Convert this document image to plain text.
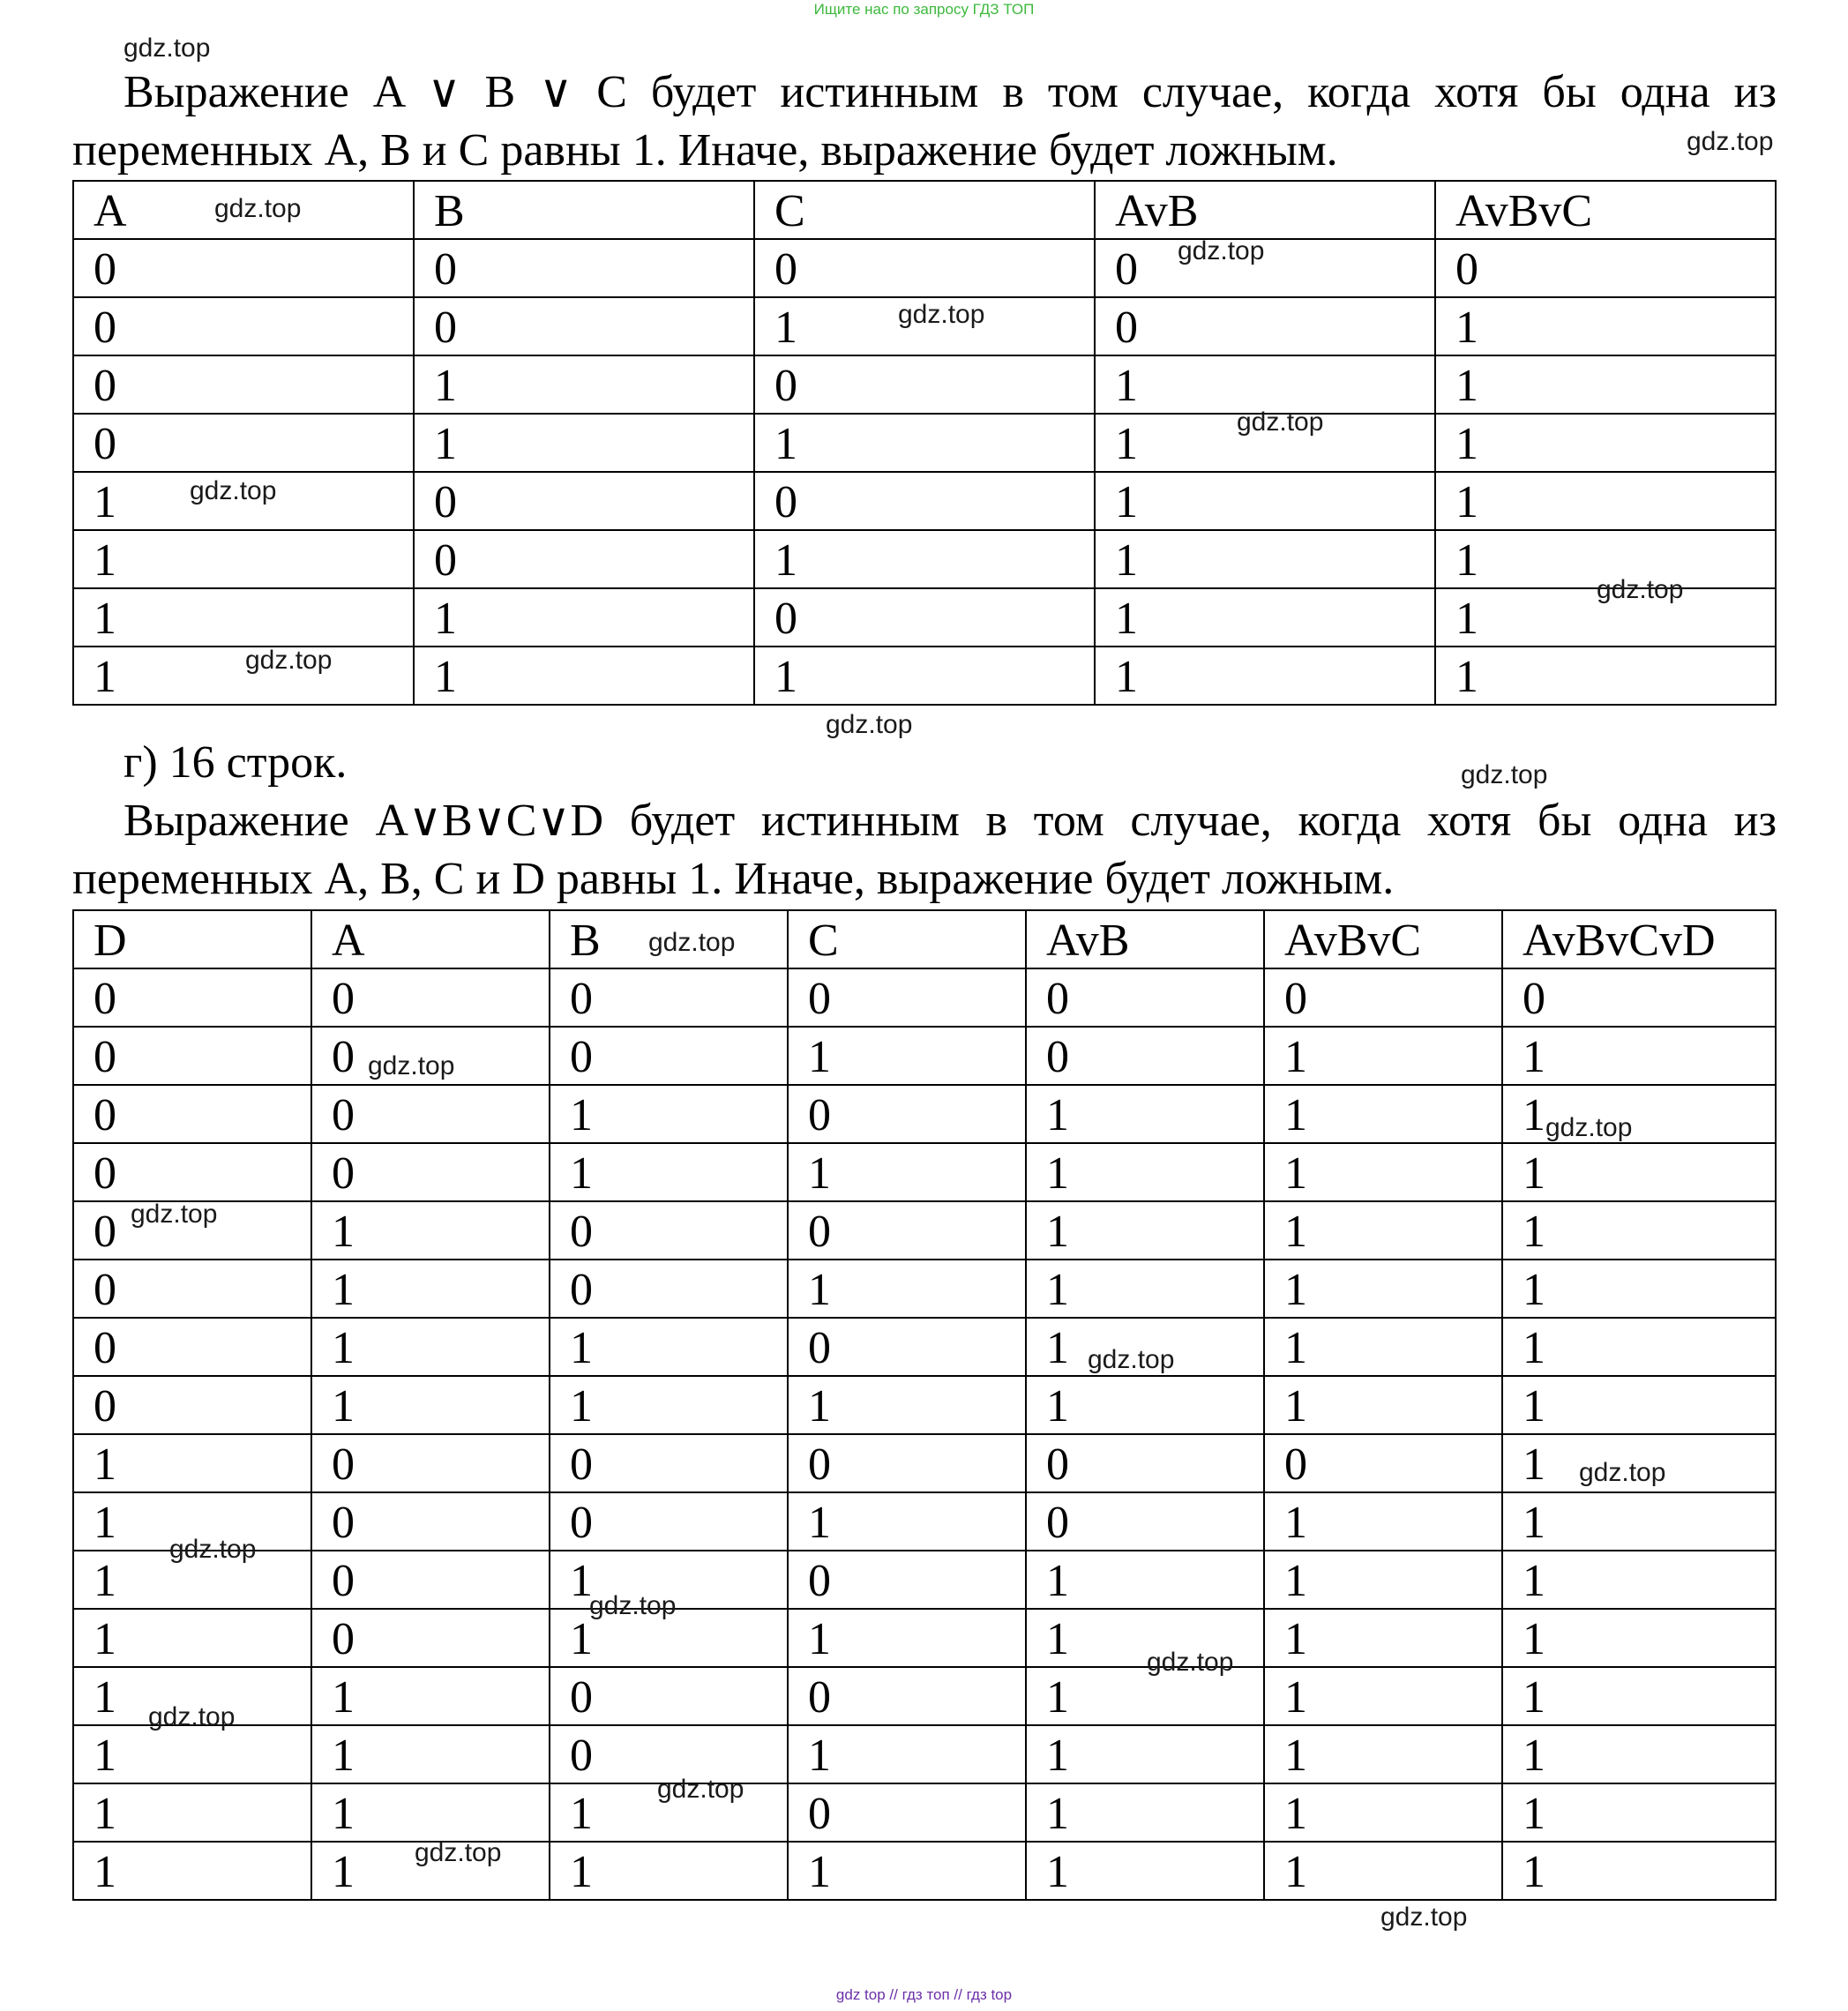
Ищите нас по запросу ГДЗ ТОП

Выражение A ∨ B ∨ C будет истинным в том случае, когда хотя бы одна из переменных A, B и C равны 1. Иначе, выражение будет ложным.

A	B	C	AvB	AvBvC
0	0	0	0	0
0	0	1	0	1
0	1	0	1	1
0	1	1	1	1
1	0	0	1	1
1	0	1	1	1
1	1	0	1	1
1	1	1	1	1

г) 16 строк.

Выражение A∨B∨C∨D будет истинным в том случае, когда хотя бы одна из переменных A, B, C и D равны 1. Иначе, выражение будет ложным.

D	A	B	C	AvB	AvBvC	AvBvCvD
0	0	0	0	0	0	0
0	0	0	1	0	1	1
0	0	1	0	1	1	1
0	0	1	1	1	1	1
0	1	0	0	1	1	1
0	1	0	1	1	1	1
0	1	1	0	1	1	1
0	1	1	1	1	1	1
1	0	0	0	0	0	1
1	0	0	1	0	1	1
1	0	1	0	1	1	1
1	0	1	1	1	1	1
1	1	0	0	1	1	1
1	1	0	1	1	1	1
1	1	1	0	1	1	1
1	1	1	1	1	1	1
gdz.top
gdz.top
gdz.top
gdz.top
gdz.top
gdz.top
gdz.top
gdz.top
gdz.top
gdz.top
gdz.top
gdz.top
gdz.top
gdz.top
gdz.top
gdz.top
gdz.top
gdz.top
gdz.top
gdz.top
gdz.top
gdz.top
gdz.top
gdz.top
gdz top // гдз топ // гдз top
